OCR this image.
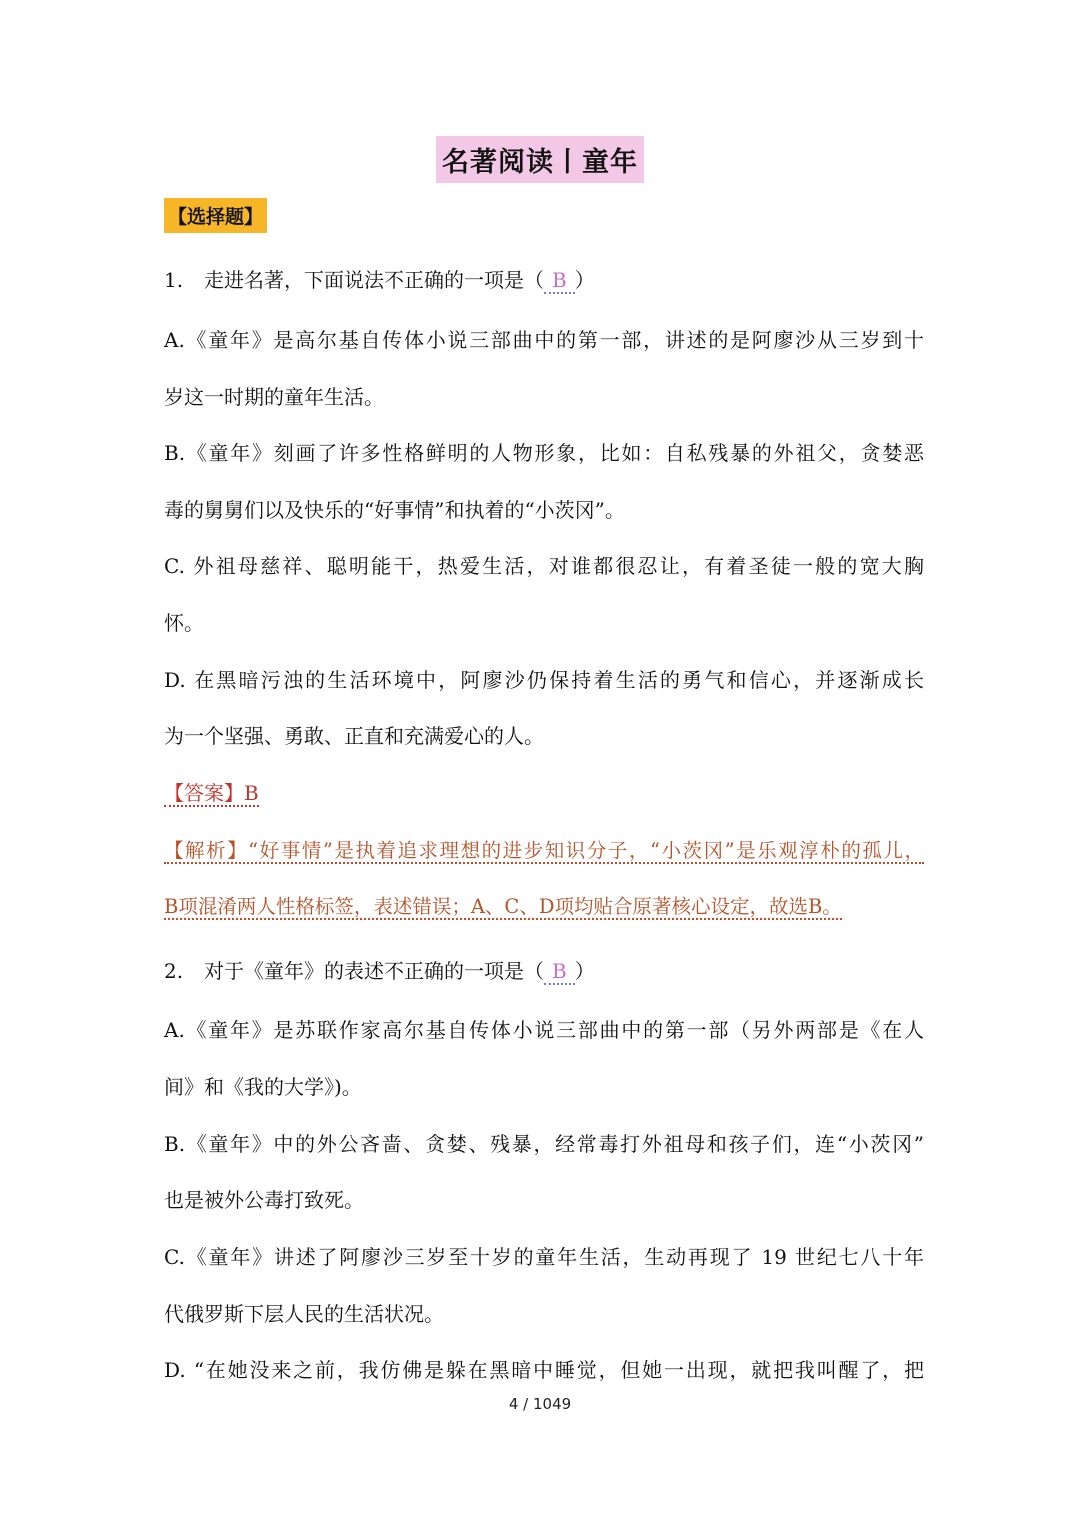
名著阅读丨童年
【选择题】
1. 走进名著，下面说法不正确的一项是（ B ）
A.《童年》是高尔基自传体小说三部曲中的第一部，讲述的是阿廖沙从三岁到十
岁这一时期的童年生活。
B.《童年》刻画了许多性格鲜明的人物形象，比如：自私残暴的外祖父，贪婪恶
毒的舅舅们以及快乐的“好事情”和执着的“小茨冈”。
C. 外祖母慈祥、聪明能干，热爱生活，对谁都很忍让，有着圣徒一般的宽大胸
怀。
D. 在黑暗污浊的生活环境中，阿廖沙仍保持着生活的勇气和信心，并逐渐成长
为一个坚强、勇敢、正直和充满爱心的人。
【答案】B
【解析】“好事情”是执着追求理想的进步知识分子，“小茨冈”是乐观淳朴的孤儿，
B项混淆两人性格标签，表述错误；A、C、D项均贴合原著核心设定，故选B。
2. 对于《童年》的表述不正确的一项是（ B ）
A.《童年》是苏联作家高尔基自传体小说三部曲中的第一部（另外两部是《在人
间》和《我的大学》)。
B.《童年》中的外公吝啬、贪婪、残暴，经常毒打外祖母和孩子们，连“小茨冈”
也是被外公毒打致死。
C.《童年》讲述了阿廖沙三岁至十岁的童年生活，生动再现了 19 世纪七八十年
代俄罗斯下层人民的生活状况。
D. “在她没来之前，我仿佛是躲在黑暗中睡觉，但她一出现，就把我叫醒了，把
4 / 1049
